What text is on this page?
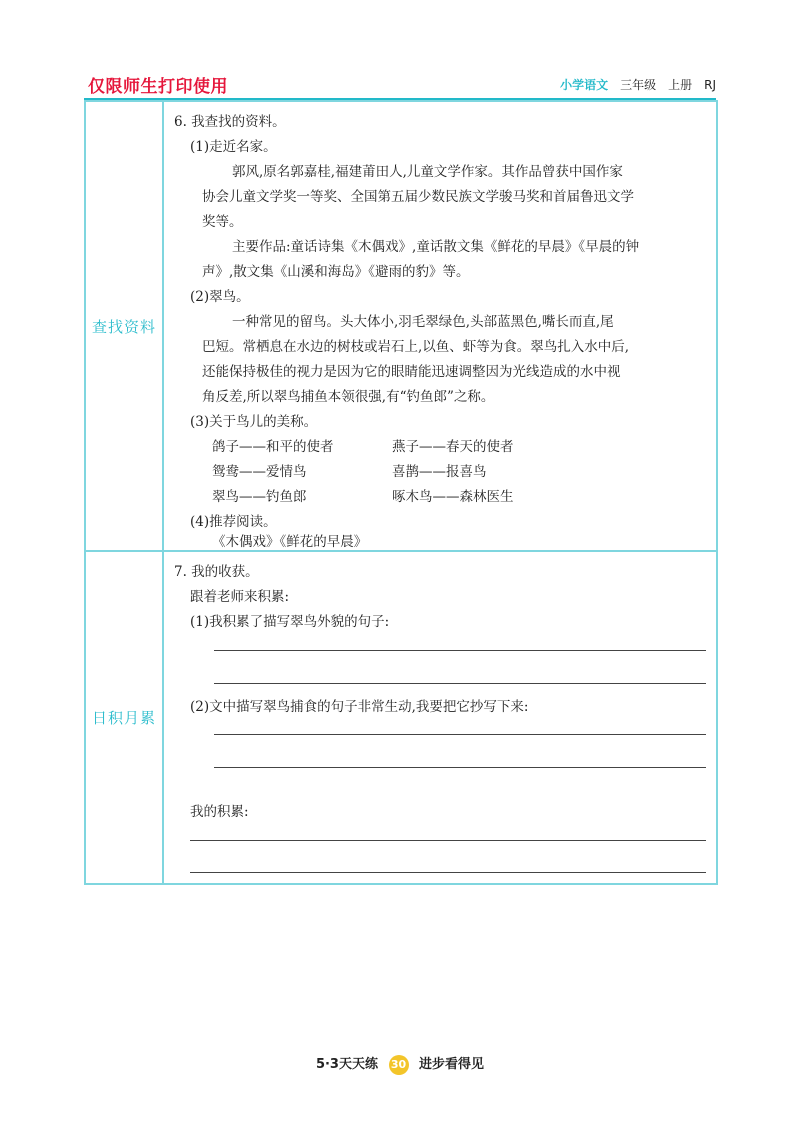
仅限师生打印使用	小学语文 三年级 上册 RJ
查找资料
6. 我查找的资料。
(1)走近名家。
郭风,原名郭嘉桂,福建莆田人,儿童文学作家。其作品曾获中国作家
协会儿童文学奖一等奖、全国第五届少数民族文学骏马奖和首届鲁迅文学
奖等。
主要作品:童话诗集《木偶戏》,童话散文集《鲜花的早晨》《早晨的钟
声》,散文集《山溪和海岛》《避雨的豹》等。
(2)翠鸟。
一种常见的留鸟。头大体小,羽毛翠绿色,头部蓝黑色,嘴长而直,尾
巴短。常栖息在水边的树枝或岩石上,以鱼、虾等为食。翠鸟扎入水中后,
还能保持极佳的视力是因为它的眼睛能迅速调整因为光线造成的水中视
角反差,所以翠鸟捕鱼本领很强,有“钓鱼郎”之称。
(3)关于鸟儿的美称。
鸽子——和平的使者	燕子——春天的使者
鸳鸯——爱情鸟	喜鹊——报喜鸟
翠鸟——钓鱼郎	啄木鸟——森林医生
(4)推荐阅读。
《木偶戏》《鲜花的早晨》
日积月累
7. 我的收获。
跟着老师来积累:
(1)我积累了描写翠鸟外貌的句子:
(2)文中描写翠鸟捕食的句子非常生动,我要把它抄写下来:
我的积累:
5·3天天练 30 进步看得见
